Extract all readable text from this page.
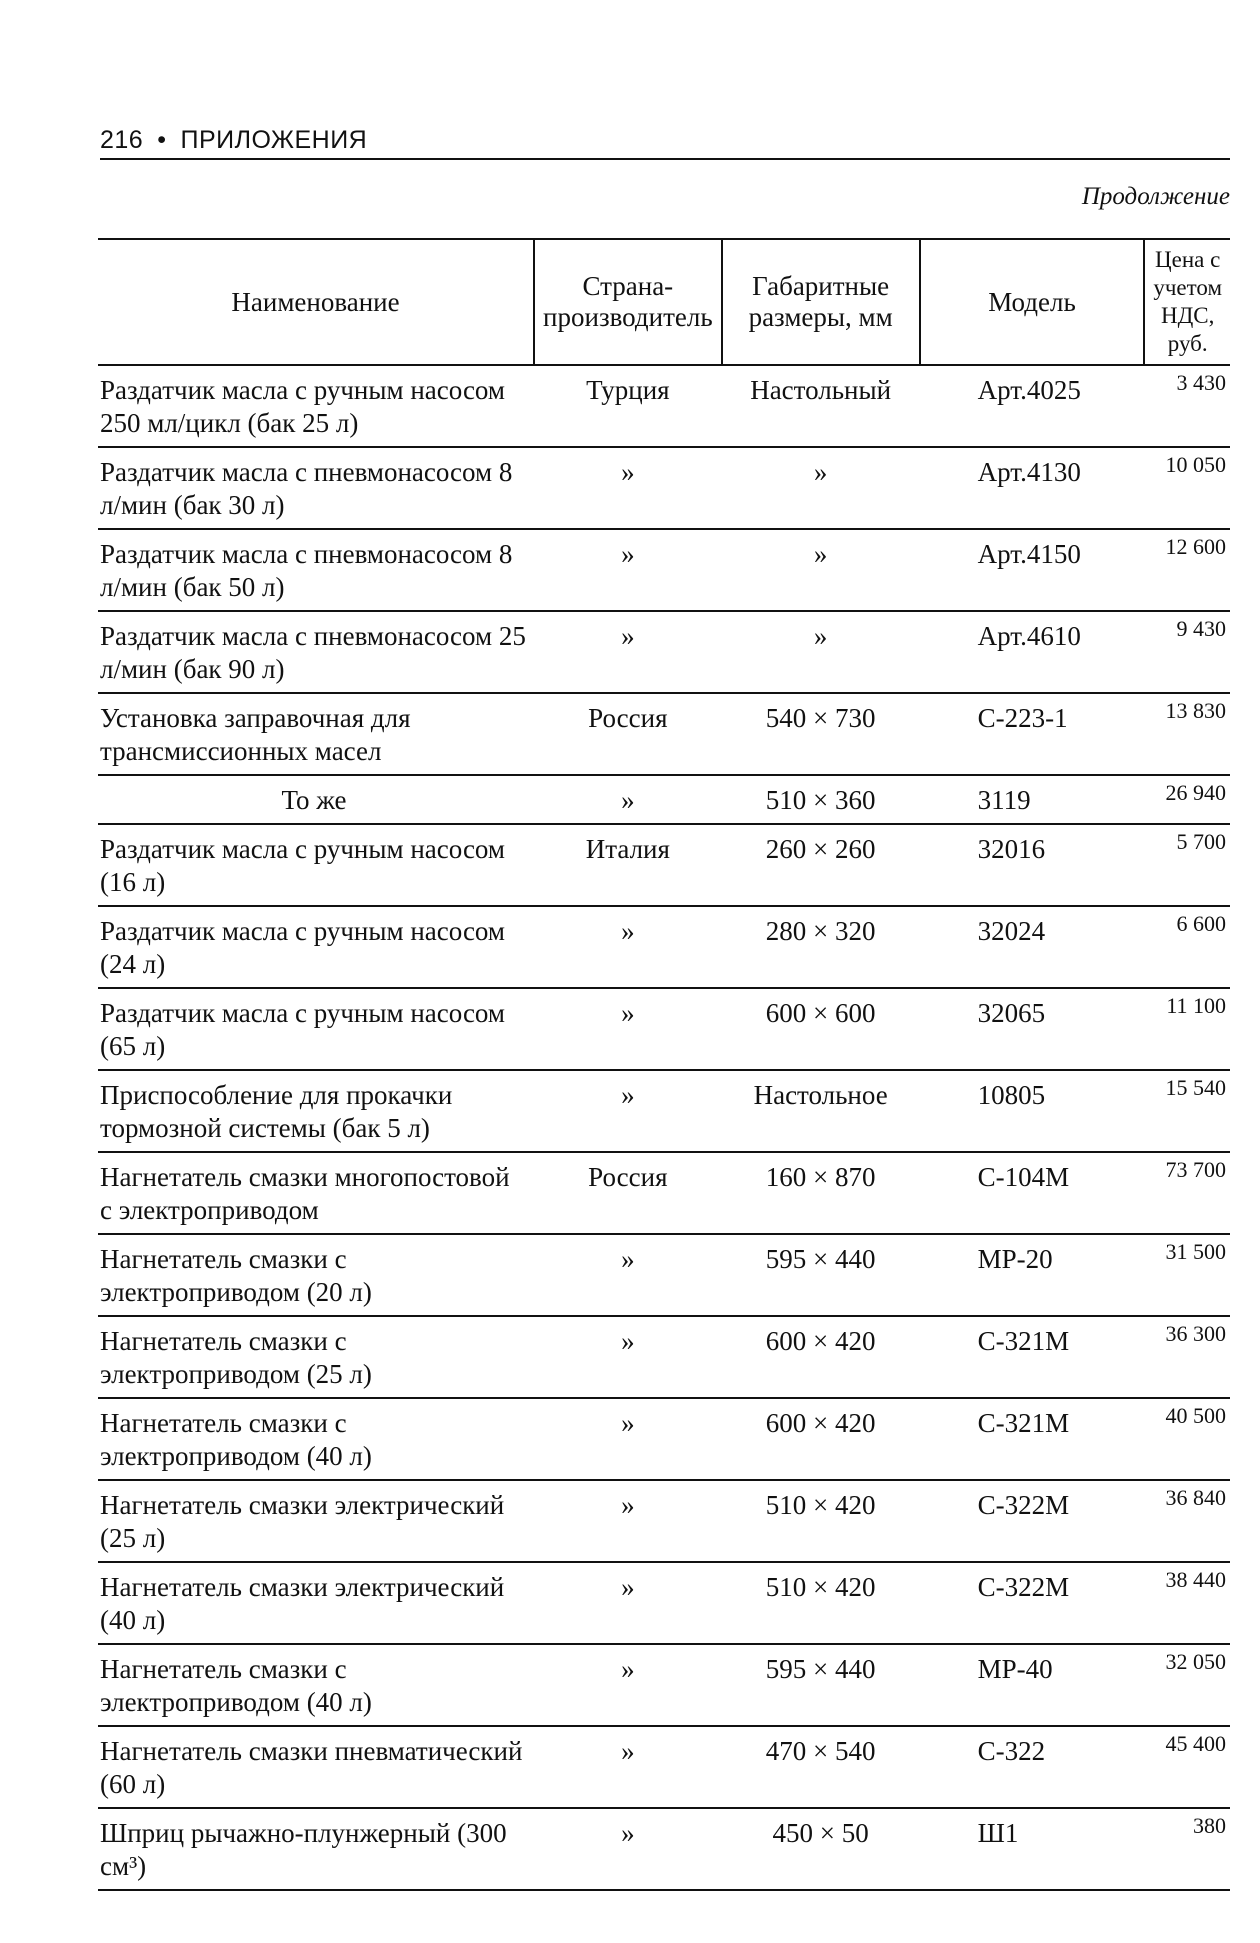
216 • ПРИЛОЖЕНИЯ
Продолжение
Наименование	Страна-производитель	Габаритные размеры, мм	Модель	Цена с учетом НДС, руб.
Раздатчик масла с ручным насосом 250 мл/цикл (бак 25 л)	Турция	Настольный	Арт.4025	3 430
Раздатчик масла с пневмонасосом 8 л/мин (бак 30 л)	»	»	Арт.4130	10 050
Раздатчик масла с пневмонасосом 8 л/мин (бак 50 л)	»	»	Арт.4150	12 600
Раздатчик масла с пневмонасосом 25 л/мин (бак 90 л)	»	»	Арт.4610	9 430
Установка заправочная для трансмиссионных масел	Россия	540 × 730	С-223-1	13 830
То же	»	510 × 360	3119	26 940
Раздатчик масла с ручным насосом (16 л)	Италия	260 × 260	32016	5 700
Раздатчик масла с ручным насосом (24 л)	»	280 × 320	32024	6 600
Раздатчик масла с ручным насосом (65 л)	»	600 × 600	32065	11 100
Приспособление для прокачки тормозной системы (бак 5 л)	»	Настольное	10805	15 540
Нагнетатель смазки многопостовой с электроприводом	Россия	160 × 870	С-104М	73 700
Нагнетатель смазки с электроприводом (20 л)	»	595 × 440	МР-20	31 500
Нагнетатель смазки с электроприводом (25 л)	»	600 × 420	С-321М	36 300
Нагнетатель смазки с электроприводом (40 л)	»	600 × 420	С-321М	40 500
Нагнетатель смазки электрический (25 л)	»	510 × 420	С-322М	36 840
Нагнетатель смазки электрический (40 л)	»	510 × 420	С-322М	38 440
Нагнетатель смазки с электроприводом (40 л)	»	595 × 440	МР-40	32 050
Нагнетатель смазки пневматический (60 л)	»	470 × 540	С-322	45 400
Шприц рычажно-плунжерный (300 см³)	»	450 × 50	Ш1	380
